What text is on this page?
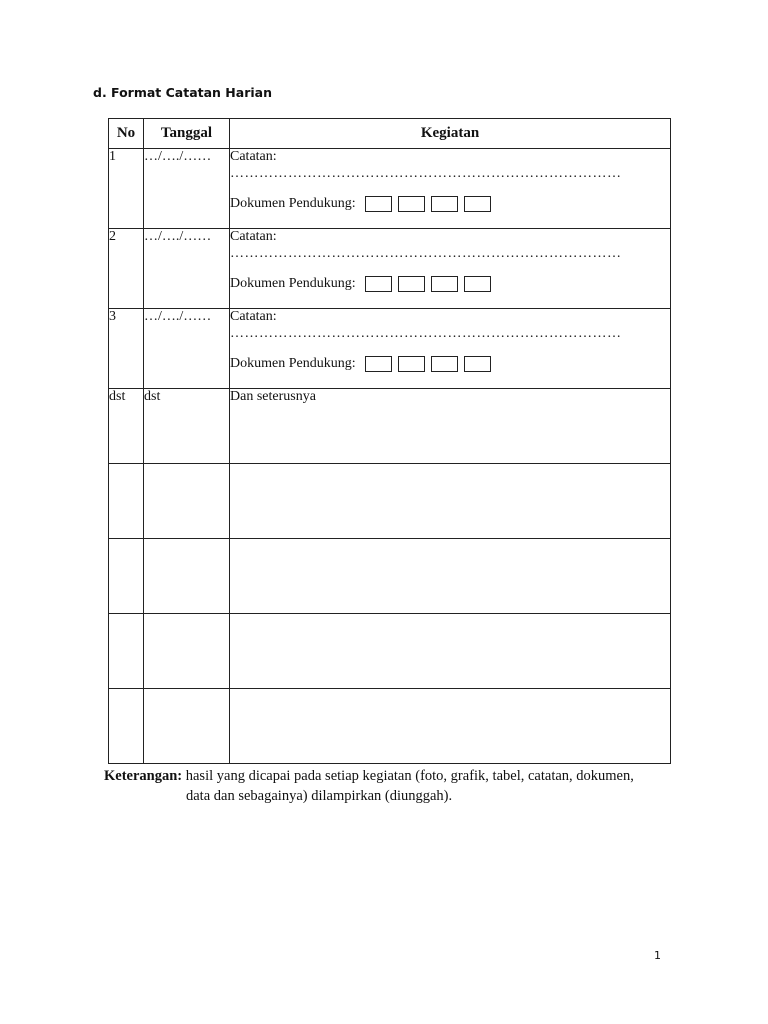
d. Format Catatan Harian
No	Tanggal	Kegiatan
1	…/…./……	Catatan:
………………………………………………………………………
Dokumen Pendukung:

2	…/…./……	Catatan:
………………………………………………………………………
Dokumen Pendukung:

3	…/…./……	Catatan:
………………………………………………………………………
Dokumen Pendukung:

dst	dst	Dan seterusnya

Keterangan: hasil yang dicapai pada setiap kegiatan (foto, grafik, tabel, catatan, dokumen,
data dan sebagainya) dilampirkan (diunggah).
1
